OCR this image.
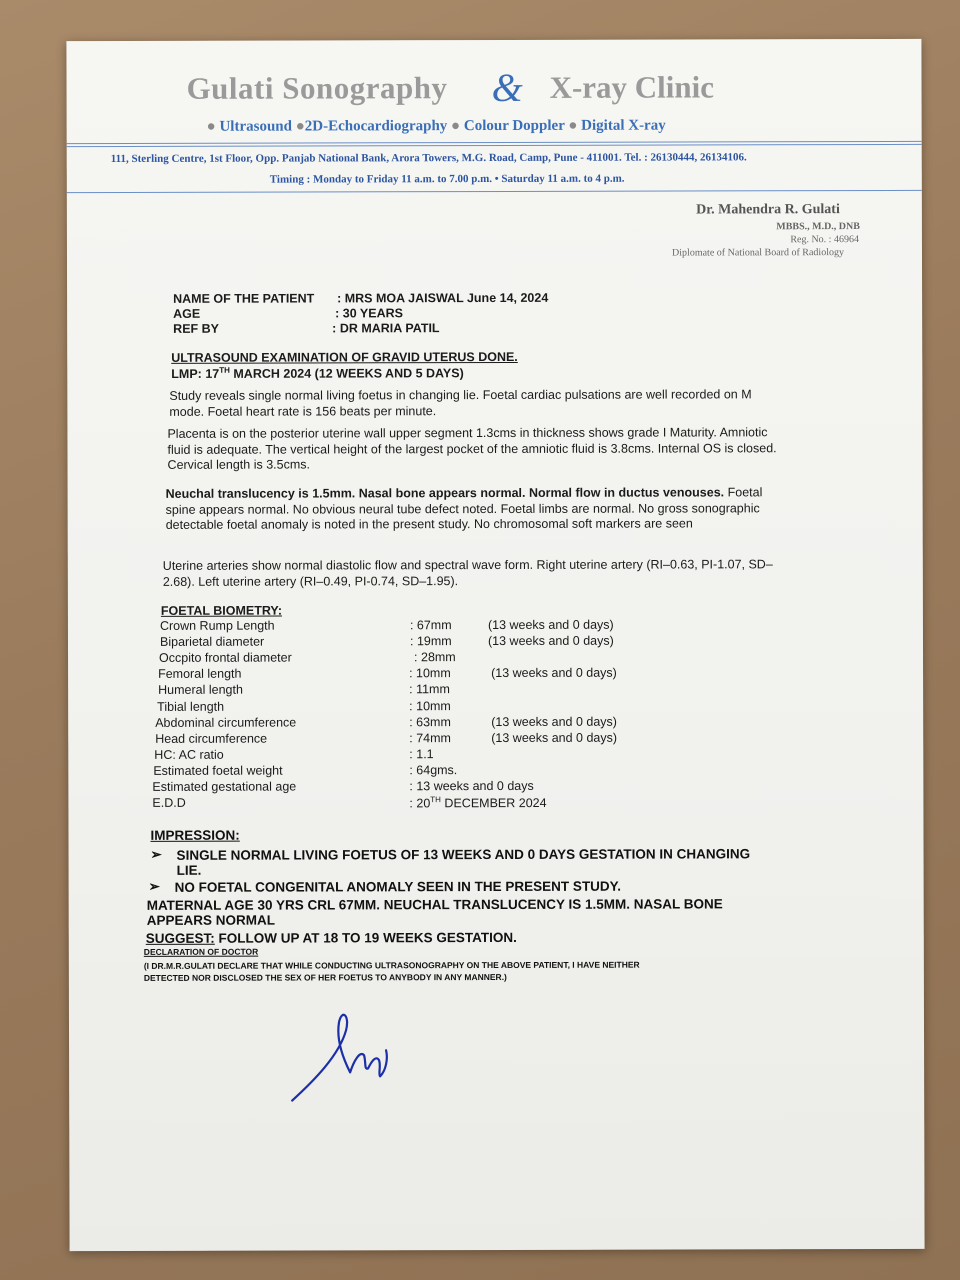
Gulati Sonography & X-ray Clinic
● Ultrasound ●2D-Echocardiography ● Colour Doppler ● Digital X-ray
111, Sterling Centre, 1st Floor, Opp. Panjab National Bank, Arora Towers, M.G. Road, Camp, Pune - 411001. Tel. : 26130444, 26134106.
Timing : Monday to Friday 11 a.m. to 7.00 p.m. • Saturday 11 a.m. to 4 p.m.
Dr. Mahendra R. Gulati
MBBS., M.D., DNB
Reg. No. : 46964
Diplomate of National Board of Radiology
NAME OF THE PATIENT : MRS MOA JAISWAL June 14, 2024
AGE	: 30 YEARS
REF BY	: DR MARIA PATIL
ULTRASOUND EXAMINATION OF GRAVID UTERUS DONE.
LMP: 17TH MARCH 2024 (12 WEEKS AND 5 DAYS)
Study reveals single normal living foetus in changing lie. Foetal cardiac pulsations are well recorded on M mode. Foetal heart rate is 156 beats per minute.
Placenta is on the posterior uterine wall upper segment 1.3cms in thickness shows grade I Maturity. Amniotic fluid is adequate. The vertical height of the largest pocket of the amniotic fluid is 3.8cms. Internal OS is closed. Cervical length is 3.5cms.
Neuchal translucency is 1.5mm. Nasal bone appears normal. Normal flow in ductus venouses. Foetal spine appears normal. No obvious neural tube defect noted. Foetal limbs are normal. No gross sonographic detectable foetal anomaly is noted in the present study. No chromosomal soft markers are seen
Uterine arteries show normal diastolic flow and spectral wave form. Right uterine artery (RI–0.63, PI-1.07, SD–2.68). Left uterine artery (RI–0.49, PI-0.74, SD–1.95).
FOETAL BIOMETRY:
Crown Rump Length	: 67mm	(13 weeks and 0 days)
Biparietal diameter	: 19mm	(13 weeks and 0 days)
Occpito frontal diameter	: 28mm
Femoral length	: 10mm	(13 weeks and 0 days)
Humeral length	: 11mm
Tibial length	: 10mm
Abdominal circumference	: 63mm	(13 weeks and 0 days)
Head circumference	: 74mm	(13 weeks and 0 days)
HC: AC ratio	: 1.1
Estimated foetal weight	: 64gms.
Estimated gestational age	: 13 weeks and 0 days
E.D.D	: 20TH DECEMBER 2024
IMPRESSION:
➢ SINGLE NORMAL LIVING FOETUS OF 13 WEEKS AND 0 DAYS GESTATION IN CHANGING
LIE.
➢ NO FOETAL CONGENITAL ANOMALY SEEN IN THE PRESENT STUDY.
MATERNAL AGE 30 YRS CRL 67MM. NEUCHAL TRANSLUCENCY IS 1.5MM. NASAL BONE
APPEARS NORMAL
SUGGEST: FOLLOW UP AT 18 TO 19 WEEKS GESTATION.
DECLARATION OF DOCTOR
(I DR.M.R.GULATI DECLARE THAT WHILE CONDUCTING ULTRASONOGRAPHY ON THE ABOVE PATIENT, I HAVE NEITHER
DETECTED NOR DISCLOSED THE SEX OF HER FOETUS TO ANYBODY IN ANY MANNER.)
